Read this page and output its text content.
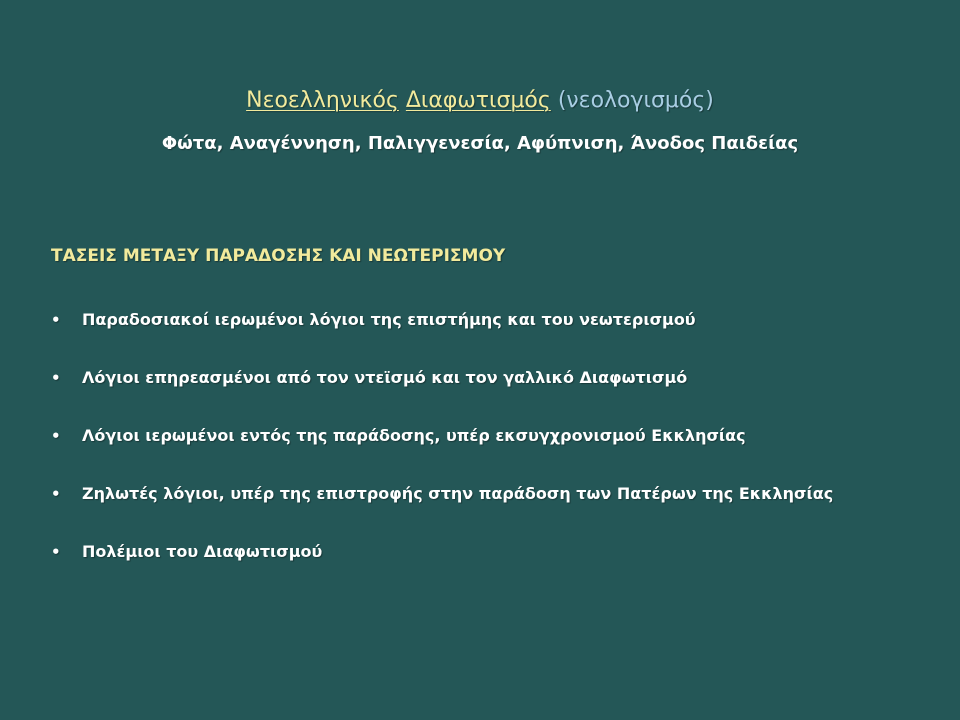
Νεοελληνικός Διαφωτισμός (νεολογισμός)
Φώτα, Αναγέννηση, Παλιγγενεσία, Αφύπνιση, Άνοδος Παιδείας
ΤΑΣΕΙΣ ΜΕΤΑΞΥ ΠΑΡΑΔΟΣΗΣ ΚΑΙ ΝΕΩΤΕΡΙΣΜΟΥ
• Παραδοσιακοί ιερωμένοι λόγιοι της επιστήμης και του νεωτερισμού
• Λόγιοι επηρεασμένοι από τον ντεϊσμό και τον γαλλικό Διαφωτισμό
• Λόγιοι ιερωμένοι εντός της παράδοσης, υπέρ εκσυγχρονισμού Εκκλησίας
• Ζηλωτές λόγιοι, υπέρ της επιστροφής στην παράδοση των Πατέρων της Εκκλησίας
• Πολέμιοι του Διαφωτισμού
